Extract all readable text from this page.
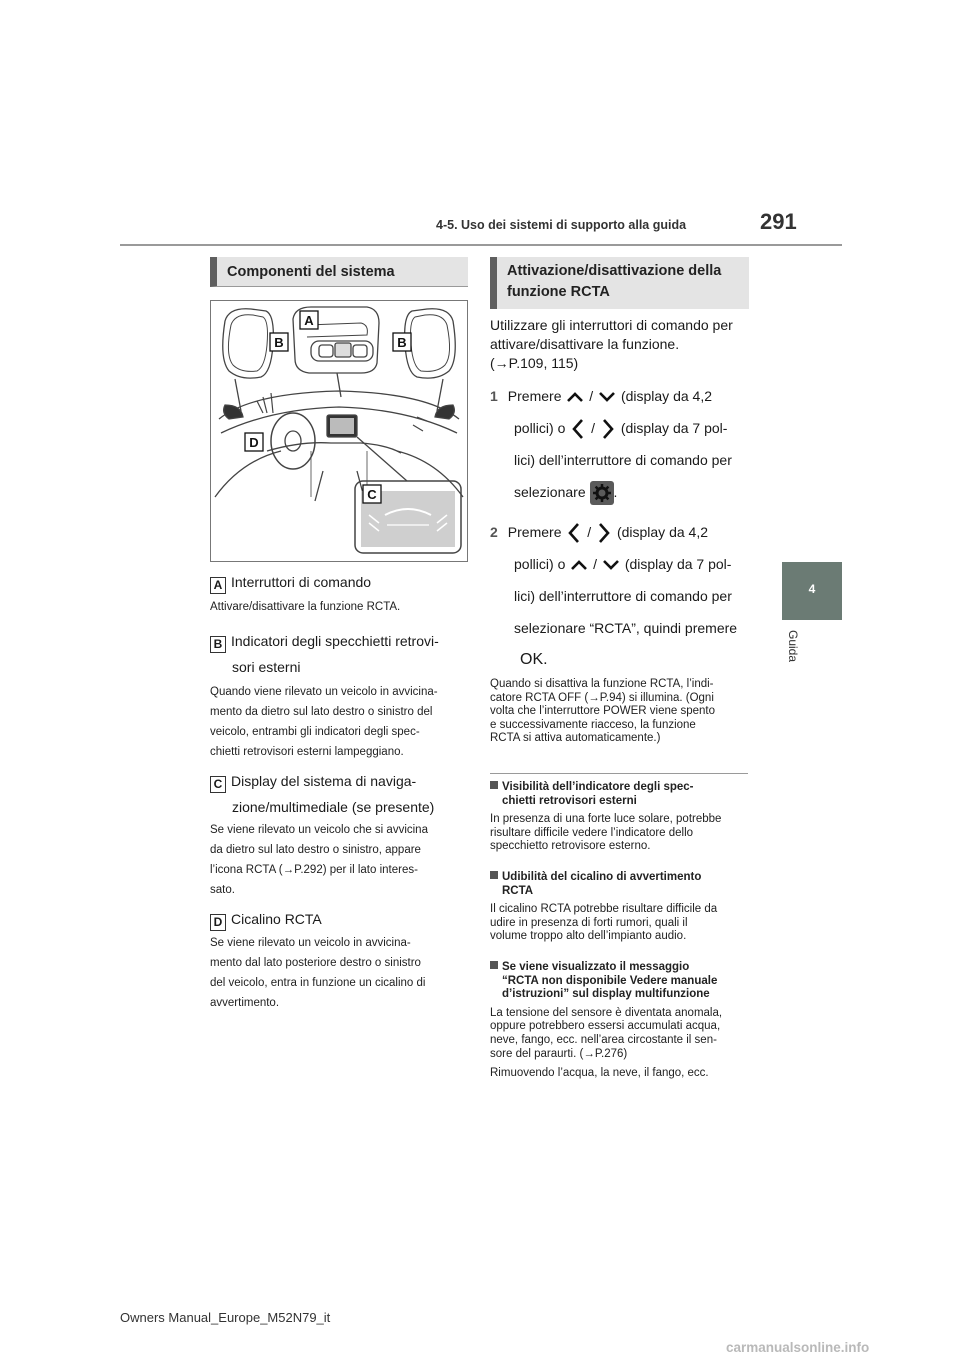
4-5. Uso dei sistemi di supporto alla guida	291
4
Guida
Componenti del sistema
A
B	B
D
C
A Interruttori di comando
Attivare/disattivare la funzione RCTA.
B Indicatori degli specchietti retrovi-
sori esterni
Quando viene rilevato un veicolo in avvicina-
mento da dietro sul lato destro o sinistro del
veicolo, entrambi gli indicatori degli spec-
chietti retrovisori esterni lampeggiano.
C Display del sistema di naviga-
zione/multimediale (se presente)
Se viene rilevato un veicolo che si avvicina
da dietro sul lato destro o sinistro, appare
l’icona RCTA (→P.292) per il lato interes-
sato.
D Cicalino RCTA
Se viene rilevato un veicolo in avvicina-
mento dal lato posteriore destro o sinistro
del veicolo, entra in funzione un cicalino di
avvertimento.
Attivazione/disattivazione della
funzione RCTA
Utilizzare gli interruttori di comando per
attivare/disattivare la funzione.
(→P.109, 115)
1 Premere / (display da 4,2
pollici) o / (display da 7 pol-
lici) dell’interruttore di comando per
selezionare .
2 Premere / (display da 4,2
pollici) o / (display da 7 pol-
lici) dell’interruttore di comando per
selezionare “RCTA”, quindi premere
OK.
Quando si disattiva la funzione RCTA, l’indi-
catore RCTA OFF (→P.94) si illumina. (Ogni
volta che l’interruttore POWER viene spento
e successivamente riacceso, la funzione
RCTA si attiva automaticamente.)
Visibilità dell’indicatore degli spec-
chietti retrovisori esterni
In presenza di una forte luce solare, potrebbe
risultare difficile vedere l’indicatore dello
specchietto retrovisore esterno.
Udibilità del cicalino di avvertimento
RCTA
Il cicalino RCTA potrebbe risultare difficile da
udire in presenza di forti rumori, quali il
volume troppo alto dell’impianto audio.
Se viene visualizzato il messaggio
“RCTA non disponibile Vedere manuale
d’istruzioni” sul display multifunzione
La tensione del sensore è diventata anomala,
oppure potrebbero essersi accumulati acqua,
neve, fango, ecc. nell’area circostante il sen-
sore del paraurti. (→P.276)
Rimuovendo l’acqua, la neve, il fango, ecc.
Owners Manual_Europe_M52N79_it
carmanualsonline.info
